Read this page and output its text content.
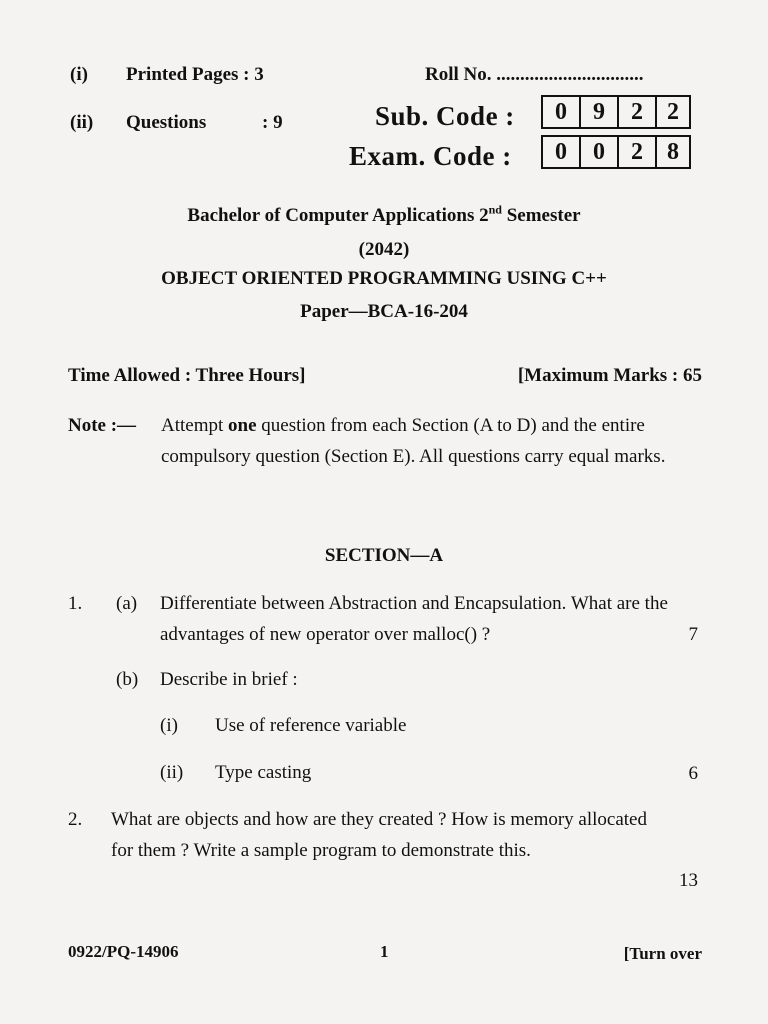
(i) Printed Pages : 3
(ii) Questions	: 9
Roll No. ...............................
Sub. Code :	0	9	2	2
Exam. Code :	0	0	2	8
Bachelor of Computer Applications 2nd Semester
(2042)
OBJECT ORIENTED PROGRAMMING USING C++
Paper—BCA-16-204
Time Allowed : Three Hours]	[Maximum Marks : 65
Note :— Attempt one question from each Section (A to D) and the entire compulsory question (Section E). All questions carry equal marks.
SECTION—A
1. (a) Differentiate between Abstraction and Encapsulation. What are the advantages of new operator over malloc() ?	7
(b) Describe in brief :
(i) Use of reference variable
(ii) Type casting	6
2. What are objects and how are they created ? How is memory allocated for them ? Write a sample program to demonstrate this.
13
0922/PQ-14906	1	[Turn over
